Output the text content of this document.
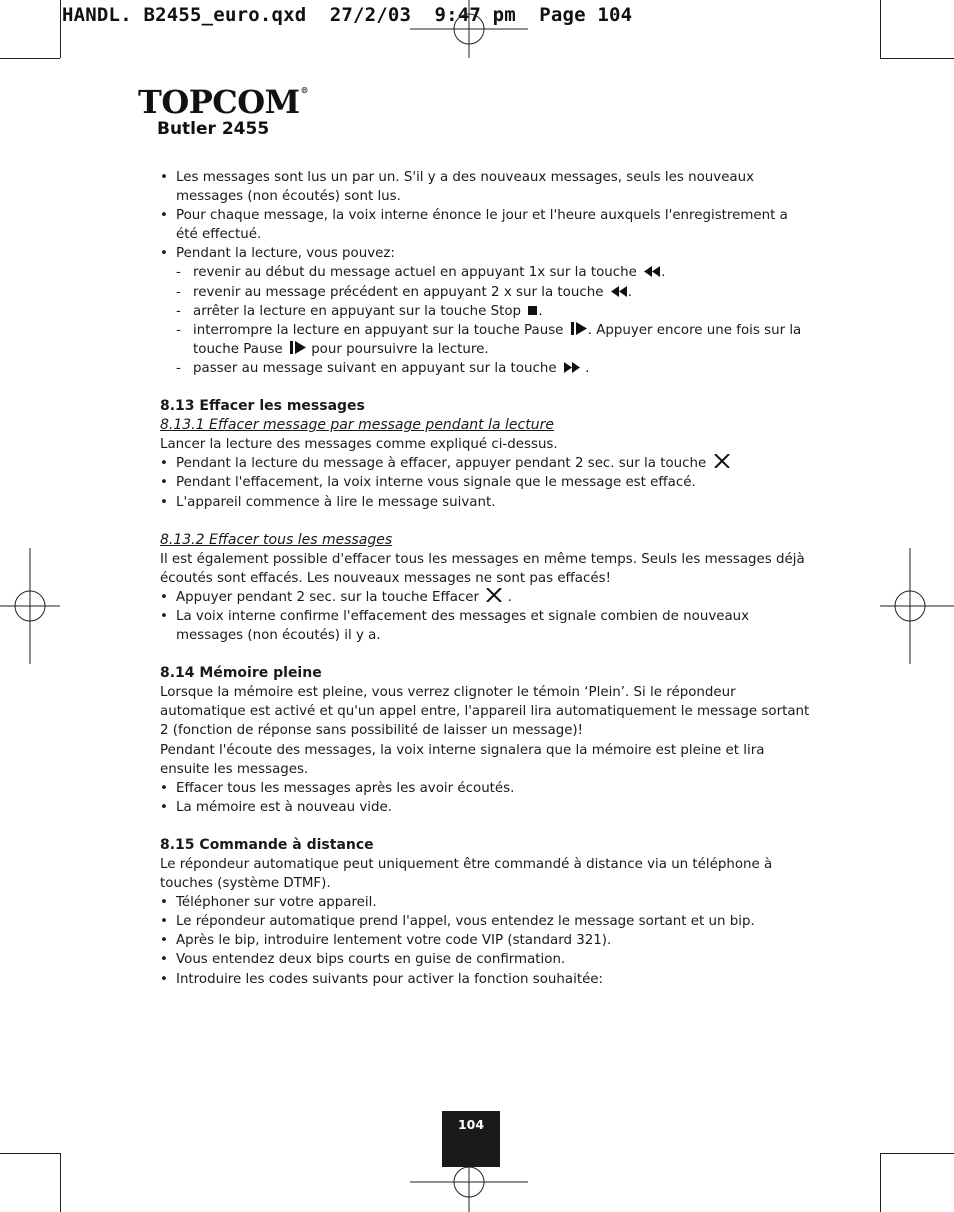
HANDL. B2455_euro.qxd  27/2/03  9:47 pm  Page 104
TOPCOM®
Butler 2455

• Les messages sont lus un par un. S'il y a des nouveaux messages, seuls les nouveaux messages (non écoutés) sont lus.

• Pour chaque message, la voix interne énonce le jour et l'heure auxquels l'enregistrement a été effectué.

• Pendant la lecture, vous pouvez:

- revenir au début du message actuel en appuyant 1x sur la touche .

- revenir au message précédent en appuyant 2 x sur la touche .

- arrêter la lecture en appuyant sur la touche Stop .

- interrompre la lecture en appuyant sur la touche Pause . Appuyer encore une fois sur la touche Pause pour poursuivre la lecture.

- passer au message suivant en appuyant sur la touche .

8.13 Effacer les messages

8.13.1 Effacer message par message pendant la lecture

Lancer la lecture des messages comme expliqué ci-dessus.

• Pendant la lecture du message à effacer, appuyer pendant 2 sec. sur la touche

• Pendant l'effacement, la voix interne vous signale que le message est effacé.

• L'appareil commence à lire le message suivant.

8.13.2 Effacer tous les messages

Il est également possible d'effacer tous les messages en même temps. Seuls les messages déjà écoutés sont effacés. Les nouveaux messages ne sont pas effacés!

• Appuyer pendant 2 sec. sur la touche Effacer .

• La voix interne confirme l'effacement des messages et signale combien de nouveaux messages (non écoutés) il y a.

8.14 Mémoire pleine

Lorsque la mémoire est pleine, vous verrez clignoter le témoin ‘Plein’. Si le répondeur automatique est activé et qu'un appel entre, l'appareil lira automatiquement le message sortant 2 (fonction de réponse sans possibilité de laisser un message)!

Pendant l'écoute des messages, la voix interne signalera que la mémoire est pleine et lira ensuite les messages.

• Effacer tous les messages après les avoir écoutés.

• La mémoire est à nouveau vide.

8.15 Commande à distance

Le répondeur automatique peut uniquement être commandé à distance via un téléphone à touches (système DTMF).

• Téléphoner sur votre appareil.

• Le répondeur automatique prend l'appel, vous entendez le message sortant et un bip.

• Après le bip, introduire lentement votre code VIP (standard 321).

• Vous entendez deux bips courts en guise de confirmation.

• Introduire les codes suivants pour activer la fonction souhaitée:

104
